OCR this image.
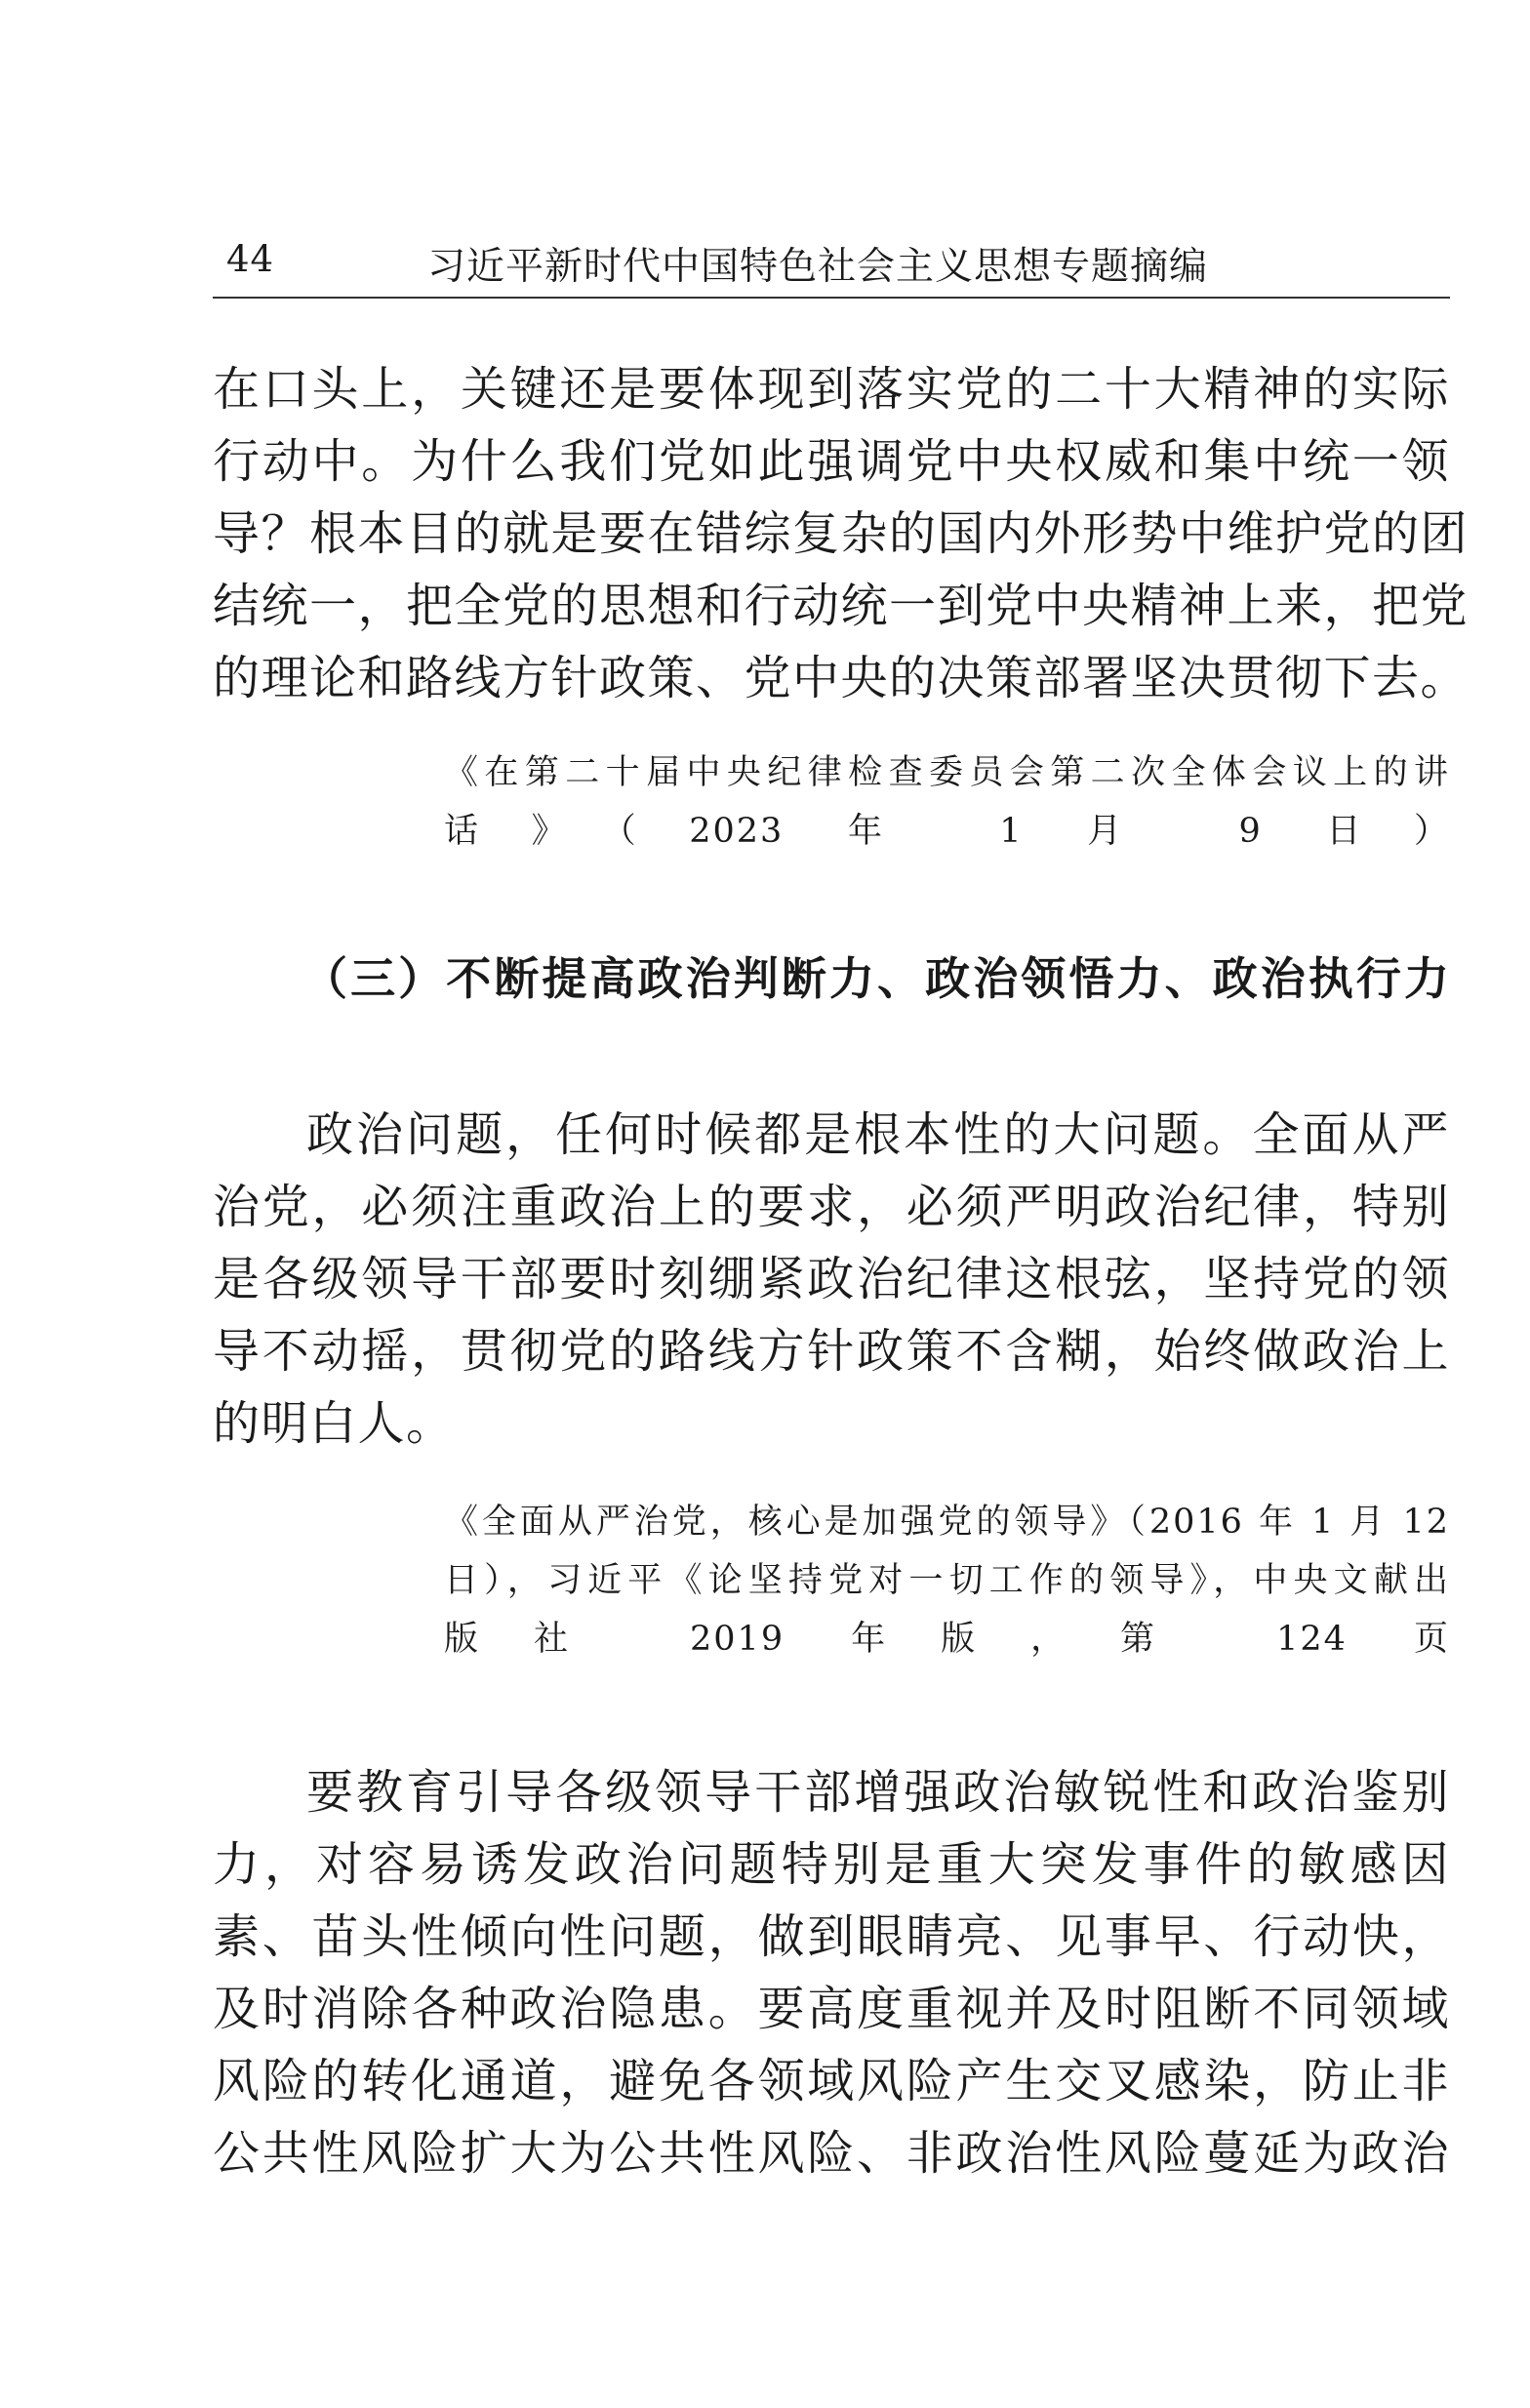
44	习近平新时代中国特色社会主义思想专题摘编
在口头上，关键还是要体现到落实党的二十大精神的实际
行动中。为什么我们党如此强调党中央权威和集中统一领
导？根本目的就是要在错综复杂的国内外形势中维护党的团
结统一，把全党的思想和行动统一到党中央精神上来，把党
的理论和路线方针政策、党中央的决策部署坚决贯彻下去。
《在第二十届中央纪律检查委员会第二次全体会议上的讲
话》（2023 年 1 月 9 日）
（三）不断提高政治判断力、政治领悟力、政治执行力
政治问题，任何时候都是根本性的大问题。全面从严
治党，必须注重政治上的要求，必须严明政治纪律，特别
是各级领导干部要时刻绷紧政治纪律这根弦，坚持党的领
导不动摇，贯彻党的路线方针政策不含糊，始终做政治上
的明白人。
《全面从严治党，核心是加强党的领导》（2016 年 1 月 12
日），习近平《论坚持党对一切工作的领导》，中央文献出
版社 2019 年版，第 124 页
要教育引导各级领导干部增强政治敏锐性和政治鉴别
力，对容易诱发政治问题特别是重大突发事件的敏感因
素、苗头性倾向性问题，做到眼睛亮、见事早、行动快，
及时消除各种政治隐患。要高度重视并及时阻断不同领域
风险的转化通道，避免各领域风险产生交叉感染，防止非
公共性风险扩大为公共性风险、非政治性风险蔓延为政治
